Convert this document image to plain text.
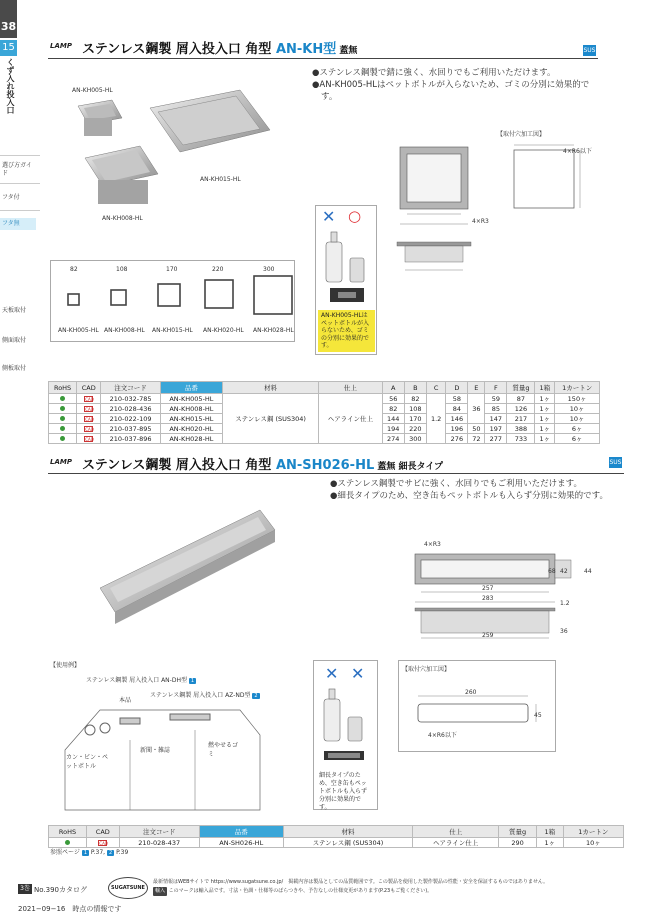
38
15
くず入れ投入口
選び方ガイド
フタ付
フタ無
天板取付
側面取付
側板取付
LAMP ステンレス鋼製 屑入投入口 角型 AN-KH型 蓋無	SUS
●ステンレス鋼製で錆に強く、水回りでもご利用いただけます。
●AN-KH005-HLはペットボトルが入らないため、ゴミの分別に効果的です。
AN-KH005-HL
AN-KH015-HL
AN-KH008-HL
【取付穴加工図】
4×R6以下
4×R3
82	108	170	220	300
AN-KH005-HL AN-KH008-HL AN-KH015-HL AN-KH020-HL AN-KH028-HL
✕ ○
AN-KH005-HLはペットボトルが入らないため、ゴミの分別に効果的です。
RoHS	CAD	注文コード	品番	材料	仕上	A	B	C	D	E	F	質量g	1箱	1カートン
	CAD	210-032-785	AN-KH005-HL	ステンレス鋼 (SUS304)	ヘアライン仕上	56	82	1.2	58	36	59	87	1ヶ	150ヶ
	CAD	210-028-436	AN-KH008-HL			82	108		84		85	126	1ヶ	10ヶ
	CAD	210-022-109	AN-KH015-HL			144	170		146		147	217	1ヶ	10ヶ
	CAD	210-037-895	AN-KH020-HL			194	220		196	50	197	388	1ヶ	6ヶ
	CAD	210-037-896	AN-KH028-HL			274	300		276	72	277	733	1ヶ	6ヶ
LAMP ステンレス鋼製 屑入投入口 角型 AN-SH026-HL 蓋無 細長タイプ	SUS
●ステンレス鋼製でサビに強く、水回りでもご利用いただけます。
●細長タイプのため、空き缶もペットボトルも入らず分別に効果的です。
4×R3
257
283
259
42
68	44
1.2
36
【使用例】
ステンレス鋼製 屑入投入口 AN-DH型 1
本品
ステンレス鋼製 屑入投入口 AZ-ND型 2
カン・ビン・ペットボトル
新聞・雑誌
燃やせるゴミ
✕ ✕
細長タイプのため、空き缶もペットボトルも入らず分別に効果的です。
【取付穴加工図】
260
45
4×R6以下
RoHS	CAD	注文コード	品番	材料	仕上	質量g	1箱	1カートン
	CAD	210-028-437	AN-SH026-HL	ステンレス鋼 (SUS304)	ヘアライン仕上	290	1ヶ	10ヶ
参照ページ 1 P.37, 2 P.39
3巻 No.390カタログ	SUGATSUNE
最新情報はWEBサイトで https://www.sugatsune.co.jp/　掲載内容は製品としての品質範囲です。この製品を使用した製作製品の性能・安全を保証するものではありません。
輸入 このマークは輸入品です。寸法・色調・仕様等のばらつきや、予告なしの仕様変更があります(P.23もご覧ください)。
2021−09−16　時点の情報です
